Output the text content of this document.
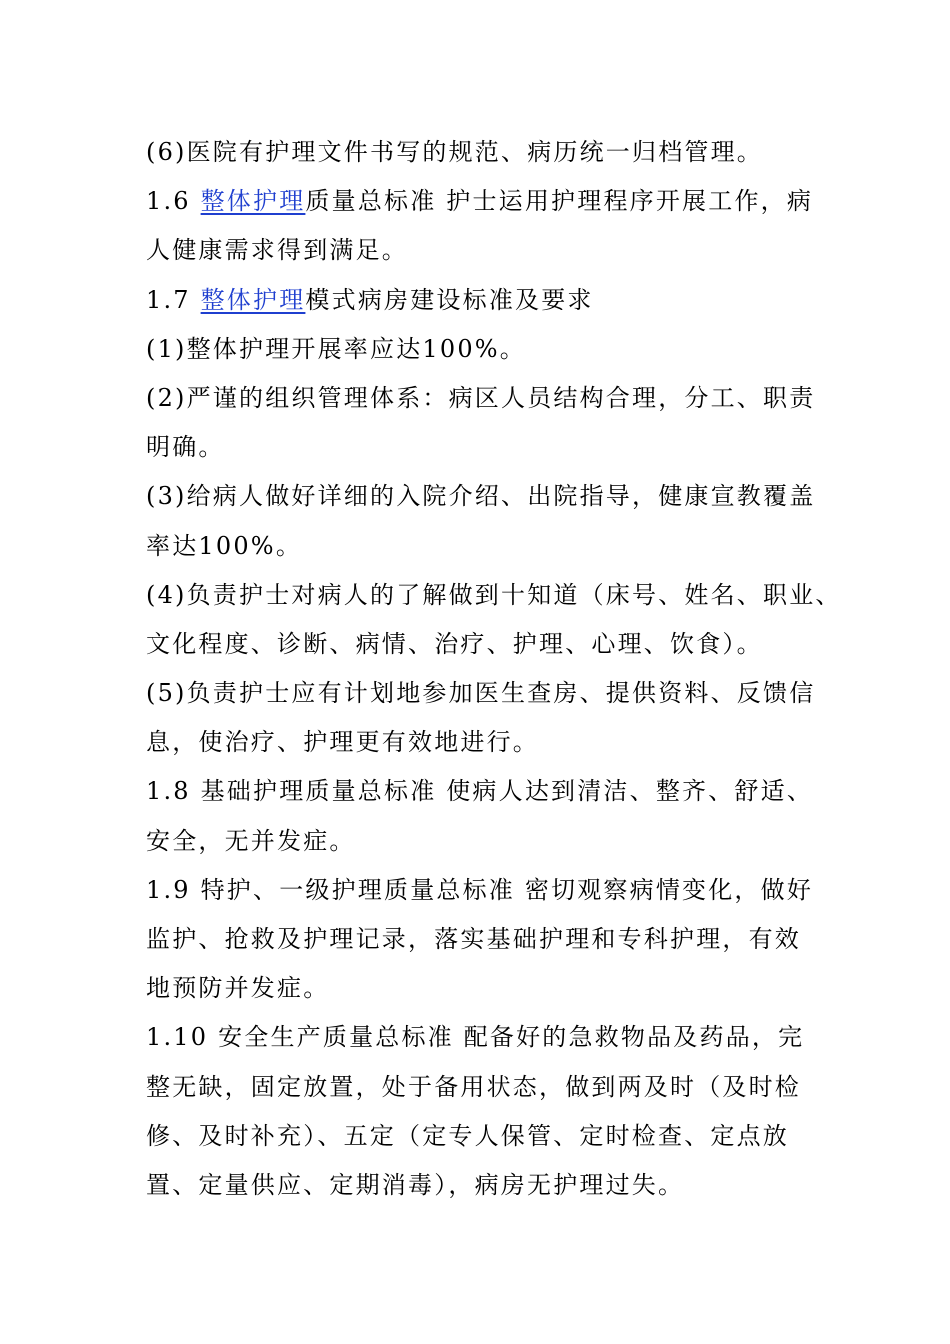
(6)医院有护理文件书写的规范、病历统一归档管理。
1.6 整体护理质量总标准 护士运用护理程序开展工作，病
人健康需求得到满足。
1.7 整体护理模式病房建设标准及要求
(1)整体护理开展率应达100%。
(2)严谨的组织管理体系：病区人员结构合理，分工、职责
明确。
(3)给病人做好详细的入院介绍、出院指导，健康宣教覆盖
率达100%。
(4)负责护士对病人的了解做到十知道（床号、姓名、职业、
文化程度、诊断、病情、治疗、护理、心理、饮食）。
(5)负责护士应有计划地参加医生查房、提供资料、反馈信
息，使治疗、护理更有效地进行。
1.8 基础护理质量总标准 使病人达到清洁、整齐、舒适、
安全，无并发症。
1.9 特护、一级护理质量总标准 密切观察病情变化，做好
监护、抢救及护理记录，落实基础护理和专科护理，有效
地预防并发症。
1.10 安全生产质量总标准 配备好的急救物品及药品，完
整无缺，固定放置，处于备用状态，做到两及时（及时检
修、及时补充）、五定（定专人保管、定时检查、定点放
置、定量供应、定期消毒），病房无护理过失。
